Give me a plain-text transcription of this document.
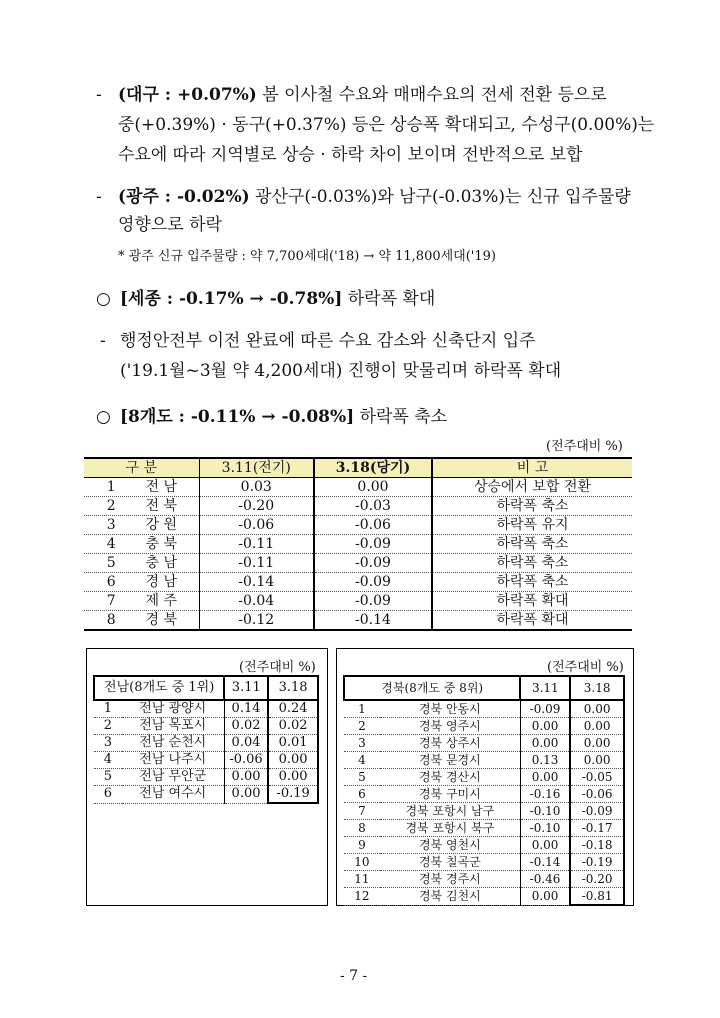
- (대구 : +0.07%) 봄 이사철 수요와 매매수요의 전세 전환 등으로
중(+0.39%) · 동구(+0.37%) 등은 상승폭 확대되고, 수성구(0.00%)는
수요에 따라 지역별로 상승 · 하락 차이 보이며 전반적으로 보합
- (광주 : -0.02%) 광산구(-0.03%)와 남구(-0.03%)는 신규 입주물량
영향으로 하락
* 광주 신규 입주물량 : 약 7,700세대('18) → 약 11,800세대('19)
○ [세종 : -0.17% → -0.78%] 하락폭 확대
- 행정안전부 이전 완료에 따른 수요 감소와 신축단지 입주
('19.1월~3월 약 4,200세대) 진행이 맞물리며 하락폭 확대
○ [8개도 : -0.11% → -0.08%] 하락폭 축소
(전주대비 %)
구 분	3.11(전기)	3.18(당기)	비 고
1 전 남	0.03	0.00	상승에서 보합 전환
2 전 북	-0.20	-0.03	하락폭 축소
3 강 원	-0.06	-0.06	하락폭 유지
4 충 북	-0.11	-0.09	하락폭 축소
5 충 남	-0.11	-0.09	하락폭 축소
6 경 남	-0.14	-0.09	하락폭 축소
7 제 주	-0.04	-0.09	하락폭 확대
8 경 북	-0.12	-0.14	하락폭 확대
(전주대비 %)
전남(8개도 중 1위)		3.11	3.18
1	전남 광양시	0.14	0.24
2	전남 목포시	0.02	0.02
3	전남 순천시	0.04	0.01
4	전남 나주시	-0.06	0.00
5	전남 무안군	0.00	0.00
6	전남 여수시	0.00	-0.19
(전주대비 %)
경북(8개도 중 8위)		3.11	3.18
1	경북 안동시	-0.09	0.00
2	경북 영주시	0.00	0.00
3	경북 상주시	0.00	0.00
4	경북 문경시	0.13	0.00
5	경북 경산시	0.00	-0.05
6	경북 구미시	-0.16	-0.06
7	경북 포항시 남구	-0.10	-0.09
8	경북 포항시 북구	-0.10	-0.17
9	경북 영천시	0.00	-0.18
10	경북 칠곡군	-0.14	-0.19
11	경북 경주시	-0.46	-0.20
12	경북 김천시	0.00	-0.81
- 7 -
